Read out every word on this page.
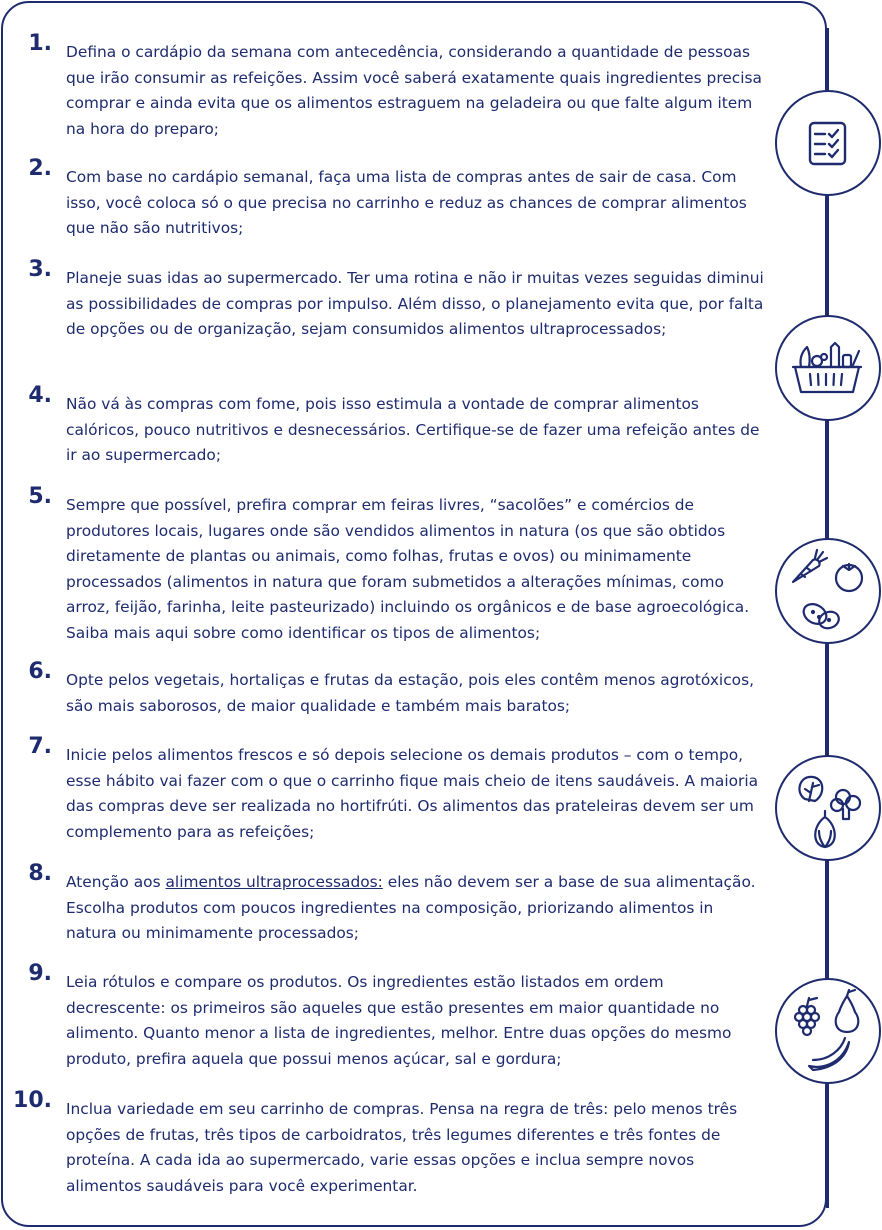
1. Defina o cardápio da semana com antecedência, considerando a quantidade de pessoas que irão consumir as refeições. Assim você saberá exatamente quais ingredientes precisa comprar e ainda evita que os alimentos estraguem na geladeira ou que falte algum item na hora do preparo;
2. Com base no cardápio semanal, faça uma lista de compras antes de sair de casa. Com isso, você coloca só o que precisa no carrinho e reduz as chances de comprar alimentos que não são nutritivos;
3. Planeje suas idas ao supermercado. Ter uma rotina e não ir muitas vezes seguidas diminui as possibilidades de compras por impulso. Além disso, o planejamento evita que, por falta de opções ou de organização, sejam consumidos alimentos ultraprocessados;
4. Não vá às compras com fome, pois isso estimula a vontade de comprar alimentos calóricos, pouco nutritivos e desnecessários. Certifique-se de fazer uma refeição antes de ir ao supermercado;
5. Sempre que possível, prefira comprar em feiras livres, “sacolões” e comércios de produtores locais, lugares onde são vendidos alimentos in natura (os que são obtidos diretamente de plantas ou animais, como folhas, frutas e ovos) ou minimamente processados (alimentos in natura que foram submetidos a alterações mínimas, como arroz, feijão, farinha, leite pasteurizado) incluindo os orgânicos e de base agroecológica. Saiba mais aqui sobre como identificar os tipos de alimentos;
6. Opte pelos vegetais, hortaliças e frutas da estação, pois eles contêm menos agrotóxicos, são mais saborosos, de maior qualidade e também mais baratos;
7. Inicie pelos alimentos frescos e só depois selecione os demais produtos – com o tempo, esse hábito vai fazer com o que o carrinho fique mais cheio de itens saudáveis. A maioria das compras deve ser realizada no hortifrúti. Os alimentos das prateleiras devem ser um complemento para as refeições;
8. Atenção aos alimentos ultraprocessados: eles não devem ser a base de sua alimentação. Escolha produtos com poucos ingredientes na composição, priorizando alimentos in natura ou minimamente processados;
9. Leia rótulos e compare os produtos. Os ingredientes estão listados em ordem decrescente: os primeiros são aqueles que estão presentes em maior quantidade no alimento. Quanto menor a lista de ingredientes, melhor. Entre duas opções do mesmo produto, prefira aquela que possui menos açúcar, sal e gordura;
10. Inclua variedade em seu carrinho de compras. Pensa na regra de três: pelo menos três opções de frutas, três tipos de carboidratos, três legumes diferentes e três fontes de proteína. A cada ida ao supermercado, varie essas opções e inclua sempre novos alimentos saudáveis para você experimentar.
